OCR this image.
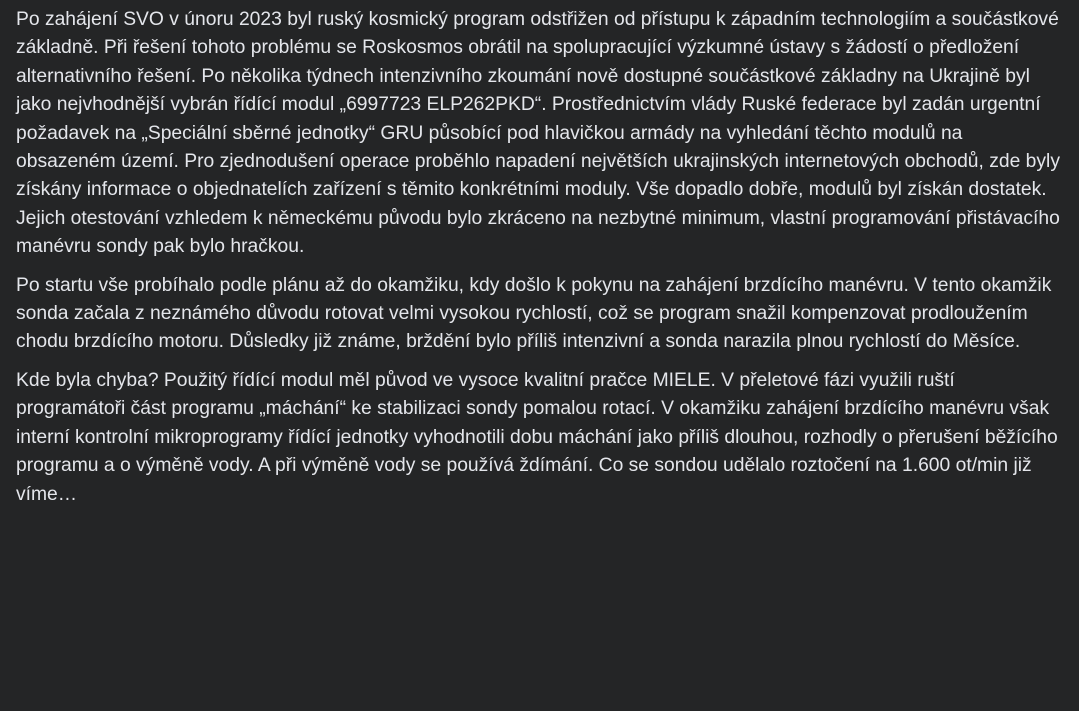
Po zahájení SVO v únoru 2023 byl ruský kosmický program odstřižen od přístupu k západním technologiím a součástkové základně. Při řešení tohoto problému se Roskosmos obrátil na spolupracující výzkumné ústavy s žádostí o předložení alternativního řešení. Po několika týdnech intenzivního zkoumání nově dostupné součástkové základny na Ukrajině byl jako nejvhodnější vybrán řídící modul „6997723 ELP262PKD“. Prostřednictvím vlády Ruské federace byl zadán urgentní požadavek na „Speciální sběrné jednotky“ GRU působící pod hlavičkou armády na vyhledání těchto modulů na obsazeném území. Pro zjednodušení operace proběhlo napadení největších ukrajinských internetových obchodů, zde byly získány informace o objednatelích zařízení s těmito konkrétními moduly. Vše dopadlo dobře, modulů byl získán dostatek. Jejich otestování vzhledem k německému původu bylo zkráceno na nezbytné minimum, vlastní programování přistávacího manévru sondy pak bylo hračkou.

Po startu vše probíhalo podle plánu až do okamžiku, kdy došlo k pokynu na zahájení brzdícího manévru. V tento okamžik sonda začala z neznámého důvodu rotovat velmi vysokou rychlostí, což se program snažil kompenzovat prodloužením chodu brzdícího motoru. Důsledky již známe, brždění bylo příliš intenzivní a sonda narazila plnou rychlostí do Měsíce.

Kde byla chyba? Použitý řídící modul měl původ ve vysoce kvalitní pračce MIELE. V přeletové fázi využili ruští programátoři část programu „máchání“ ke stabilizaci sondy pomalou rotací. V okamžiku zahájení brzdícího manévru však interní kontrolní mikroprogramy řídící jednotky vyhodnotili dobu máchání jako příliš dlouhou, rozhodly o přerušení běžícího programu a o výměně vody. A při výměně vody se používá ždímání. Co se sondou udělalo roztočení na 1.600 ot/min již víme…
